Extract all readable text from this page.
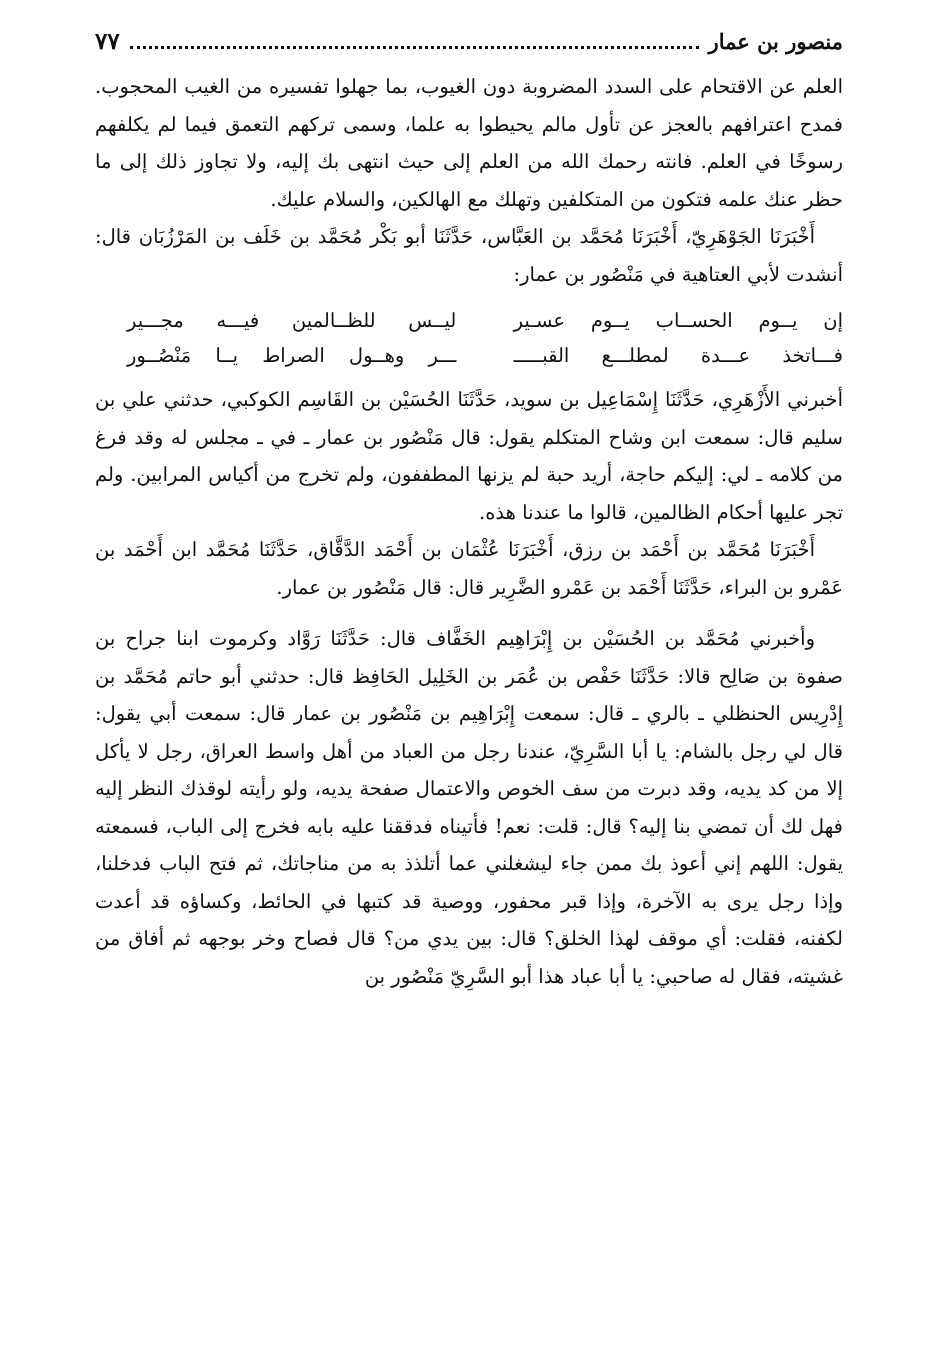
منصور بن عمار
٧٧

العلم عن الاقتحام على السدد المضروبة دون الغيوب، بما جهلوا تفسيره من الغيب المحجوب. فمدح اعترافهم بالعجز عن تأول مالم يحيطوا به علما، وسمى تركهم التعمق فيما لم يكلفهم رسوخًا في العلم. فانته رحمك الله من العلم إلى حيث انتهى بك إليه، ولا تجاوز ذلك إلى ما حظر عنك علمه فتكون من المتكلفين وتهلك مع الهالكين، والسلام عليك.

أَخْبَرَنَا الجَوْهَرِيّ، أَخْبَرَنَا مُحَمَّد بن العَبَّاس، حَدَّثَنَا أبو بَكْر مُحَمَّد بن خَلَف بن المَرْزُبَان قال: أنشدت لأبي العتاهية في مَنْصُور بن عمار:

إن يــوم الحســاب يــوم عسـير
ليــس للظــالمين فيـــه مجـــير
فـــاتخذ عـــدة لمطلـــع القبـــــ
ـــر وهــول الصراط يــا مَنْصُــور

أخبرني الأَزْهَرِي، حَدَّثَنَا إِسْمَاعِيل بن سويد، حَدَّثَنَا الحُسَيْن بن القَاسِم الكوكبي، حدثني علي بن سليم قال: سمعت ابن وشاح المتكلم يقول: قال مَنْصُور بن عمار ـ في ـ مجلس له وقد فرغ من كلامه ـ لي: إليكم حاجة، أريد حبة لم يزنها المطففون، ولم تخرج من أكياس المرابين. ولم تجر عليها أحكام الظالمين، قالوا ما عندنا هذه.

أَخْبَرَنَا مُحَمَّد بن أَحْمَد بن رزق، أَخْبَرَنَا عُثْمَان بن أَحْمَد الدَّقَّاق، حَدَّثَنَا مُحَمَّد ابن أَحْمَد بن عَمْرو بن البراء، حَدَّثَنَا أَحْمَد بن عَمْرو الضَّرِير قال: قال مَنْصُور بن عمار.

وأخبرني مُحَمَّد بن الحُسَيْن بن إِبْرَاهِيم الخَفَّاف قال: حَدَّثَنَا رَوَّاد وكرموت ابنا جراح بن صفوة بن صَالِح قالا: حَدَّثَنَا حَفْص بن عُمَر بن الخَلِيل الحَافِظ قال: حدثني أبو حاتم مُحَمَّد بن إِدْرِيس الحنظلي ـ بالري ـ قال: سمعت إِبْرَاهِيم بن مَنْصُور بن عمار قال: سمعت أبي يقول: قال لي رجل بالشام: يا أبا السَّرِيّ، عندنا رجل من العباد من أهل واسط العراق، رجل لا يأكل إلا من كد يديه، وقد دبرت من سف الخوص والاعتمال صفحة يديه، ولو رأيته لوقذك النظر إليه فهل لك أن تمضي بنا إليه؟ قال: قلت: نعم! فأتيناه فدققنا عليه بابه فخرج إلى الباب، فسمعته يقول: اللهم إني أعوذ بك ممن جاء ليشغلني عما أتلذذ به من مناجاتك، ثم فتح الباب فدخلنا، وإذا رجل يرى به الآخرة، وإذا قبر محفور، ووصية قد كتبها في الحائط، وكساؤه قد أعدت لكفنه، فقلت: أي موقف لهذا الخلق؟ قال: بين يدي من؟ قال فصاح وخر بوجهه ثم أفاق من غشيته، فقال له صاحبي: يا أبا عباد هذا أبو السَّرِيّ مَنْصُور بن
